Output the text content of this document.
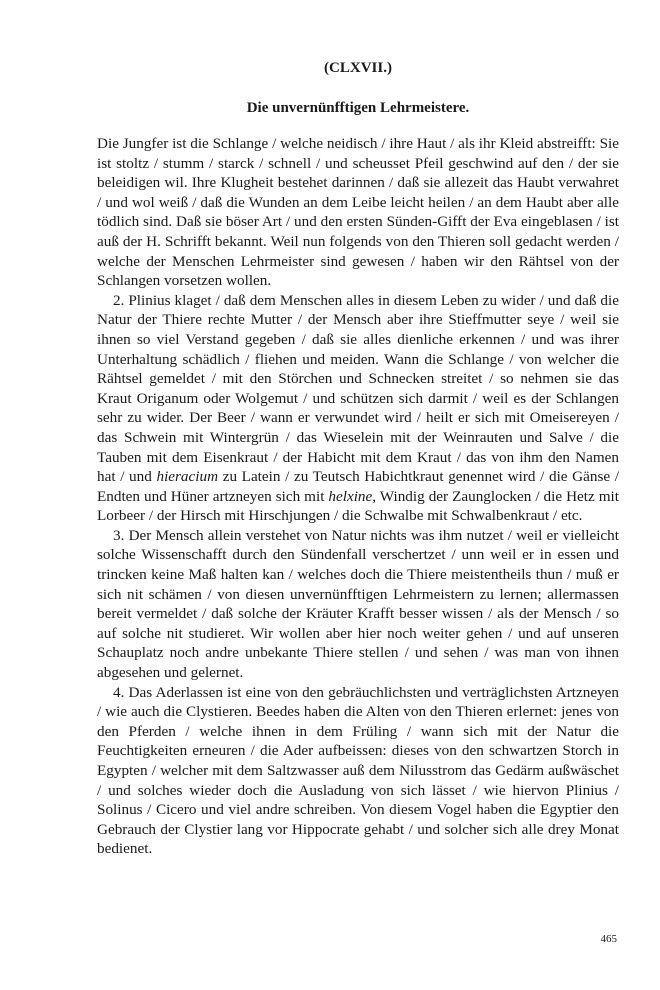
(CLXVII.)
Die unvernünfftigen Lehrmeistere.

Die Jungfer ist die Schlange / welche neidisch / ihre Haut / als ihr Kleid abstreifft: Sie ist stoltz / stumm / starck / schnell / und scheusset Pfeil geschwind auf den / der sie beleidigen wil. Ihre Klugheit bestehet darinnen / daß sie allezeit das Haubt verwahret / und wol weiß / daß die Wunden an dem Leibe leicht heilen / an dem Haubt aber alle tödlich sind. Daß sie böser Art / und den ersten Sünden-Gifft der Eva eingeblasen / ist auß der H. Schrifft bekannt. Weil nun folgends von den Thieren soll gedacht werden / welche der Menschen Lehrmeister sind gewesen / haben wir den Rähtsel von der Schlangen vorsetzen wollen.

2. Plinius klaget / daß dem Menschen alles in diesem Leben zu wider / und daß die Natur der Thiere rechte Mutter / der Mensch aber ihre Stieffmutter seye / weil sie ihnen so viel Verstand gegeben / daß sie alles dienliche erkennen / und was ihrer Unterhaltung schädlich / fliehen und meiden. Wann die Schlange / von welcher die Rähtsel gemeldet / mit den Störchen und Schnecken streitet / so nehmen sie das Kraut Origanum oder Wolgemut / und schützen sich darmit / weil es der Schlangen sehr zu wider. Der Beer / wann er verwundet wird / heilt er sich mit Omeisereyen / das Schwein mit Wintergrün / das Wieselein mit der Weinrauten und Salve / die Tauben mit dem Eisenkraut / der Habicht mit dem Kraut / das von ihm den Namen hat / und hieracium zu Latein / zu Teutsch Habichtkraut genennet wird / die Gänse / Endten und Hüner artzneyen sich mit helxine, Windig der Zaunglocken / die Hetz mit Lorbeer / der Hirsch mit Hirschjungen / die Schwalbe mit Schwalbenkraut / etc.

3. Der Mensch allein verstehet von Natur nichts was ihm nutzet / weil er vielleicht solche Wissenschafft durch den Sündenfall verschertzet / unn weil er in essen und trincken keine Maß halten kan / welches doch die Thiere meistentheils thun / muß er sich nit schämen / von diesen unvernünfftigen Lehrmeistern zu lernen; allermassen bereit vermeldet / daß solche der Kräuter Krafft besser wissen / als der Mensch / so auf solche nit studieret. Wir wollen aber hier noch weiter gehen / und auf unseren Schauplatz noch andre unbekante Thiere stellen / und sehen / was man von ihnen abgesehen und gelernet.

4. Das Aderlassen ist eine von den gebräuchlichsten und verträglichsten Artzneyen / wie auch die Clystieren. Beedes haben die Alten von den Thieren erlernet: jenes von den Pferden / welche ihnen in dem Früling / wann sich mit der Natur die Feuchtigkeiten erneuren / die Ader aufbeissen: dieses von den schwartzen Storch in Egypten / welcher mit dem Saltzwasser auß dem Nilusstrom das Gedärm außwäschet / und solches wieder doch die Ausladung von sich lässet / wie hiervon Plinius / Solinus / Cicero und viel andre schreiben. Von diesem Vogel haben die Egyptier den Gebrauch der Clystier lang vor Hippocrate gehabt / und solcher sich alle drey Monat bedienet.

465
